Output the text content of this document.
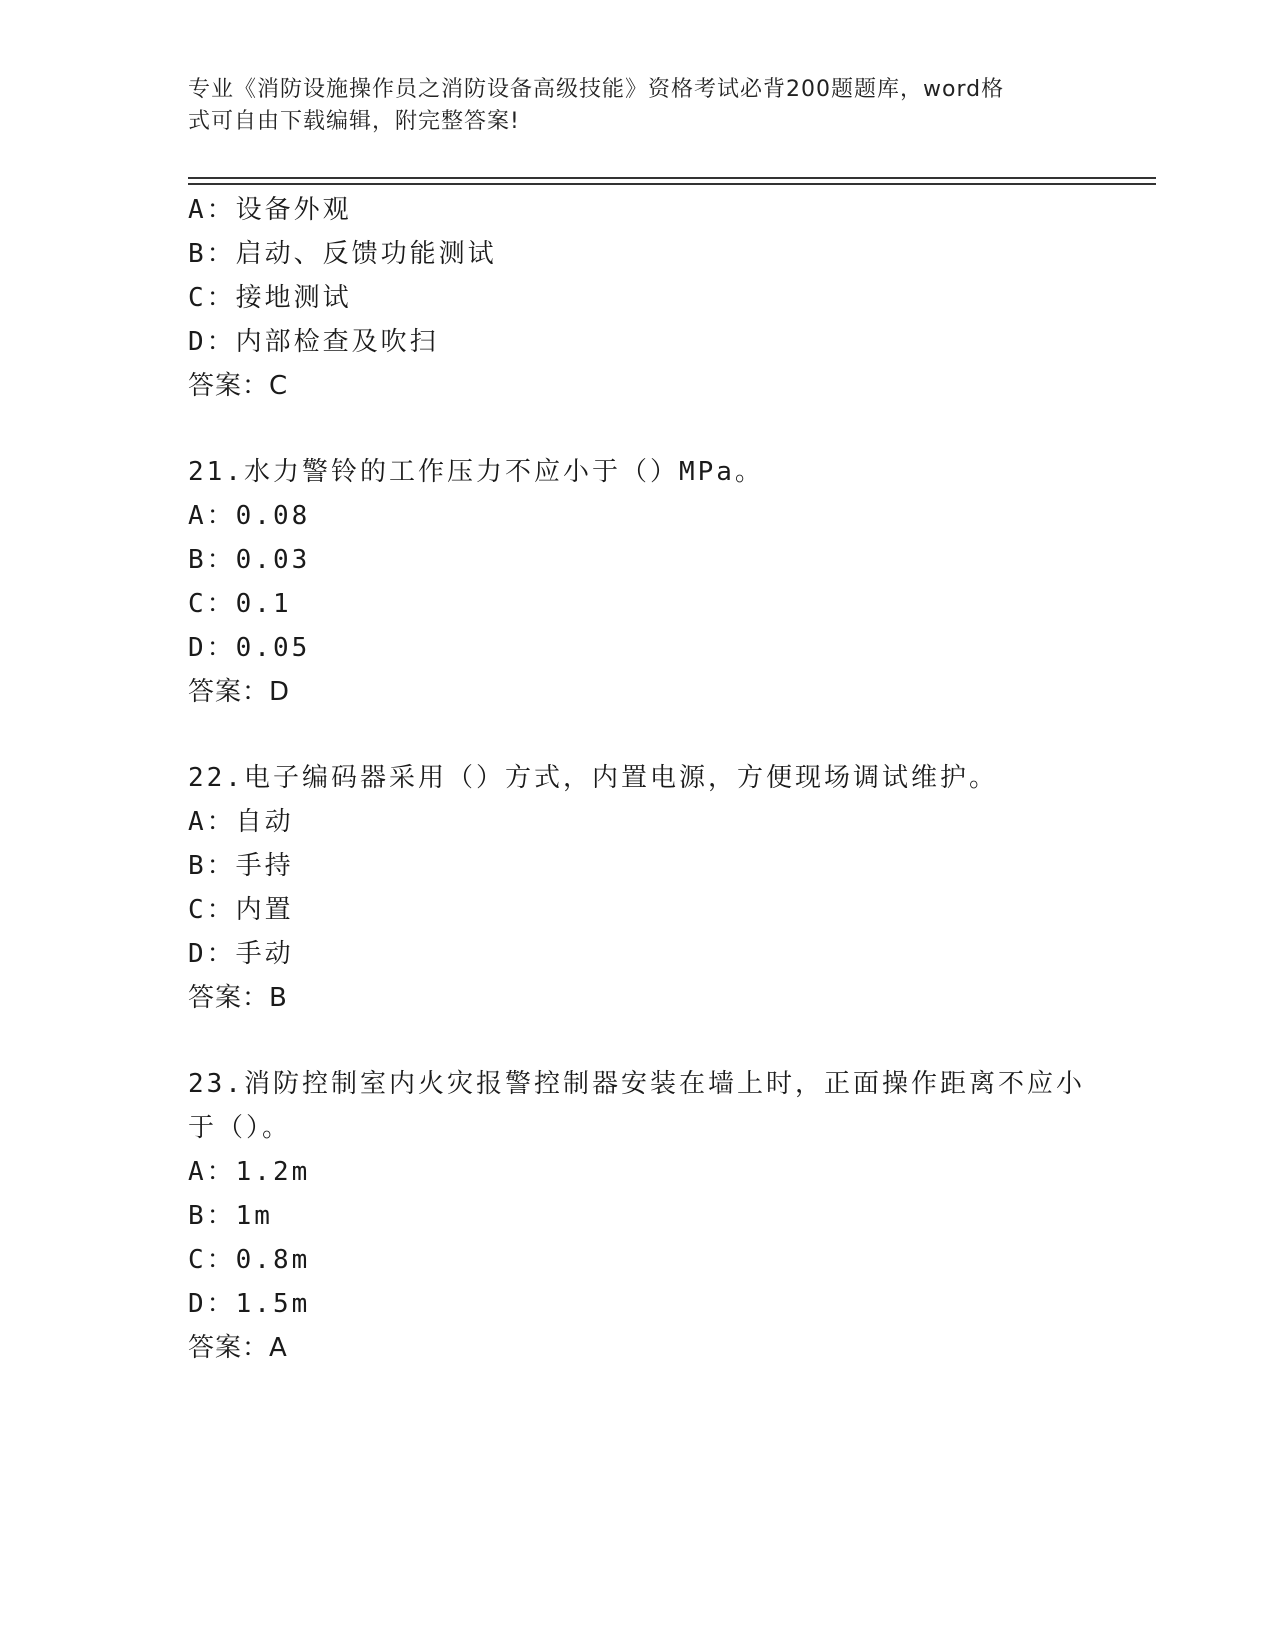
专业《消防设施操作员之消防设备高级技能》资格考试必背200题题库，word格
式可自由下载编辑，附完整答案!
A：设备外观
B：启动、反馈功能测试
C：接地测试
D：内部检查及吹扫
答案：C
21.水力警铃的工作压力不应小于（）MPa。
A：0.08
B：0.03
C：0.1
D：0.05
答案：D
22.电子编码器采用（）方式，内置电源，方便现场调试维护。
A：自动
B：手持
C：内置
D：手动
答案：B
23.消防控制室内火灾报警控制器安装在墙上时，正面操作距离不应小
于（）。
A：1.2m
B：1m
C：0.8m
D：1.5m
答案：A
